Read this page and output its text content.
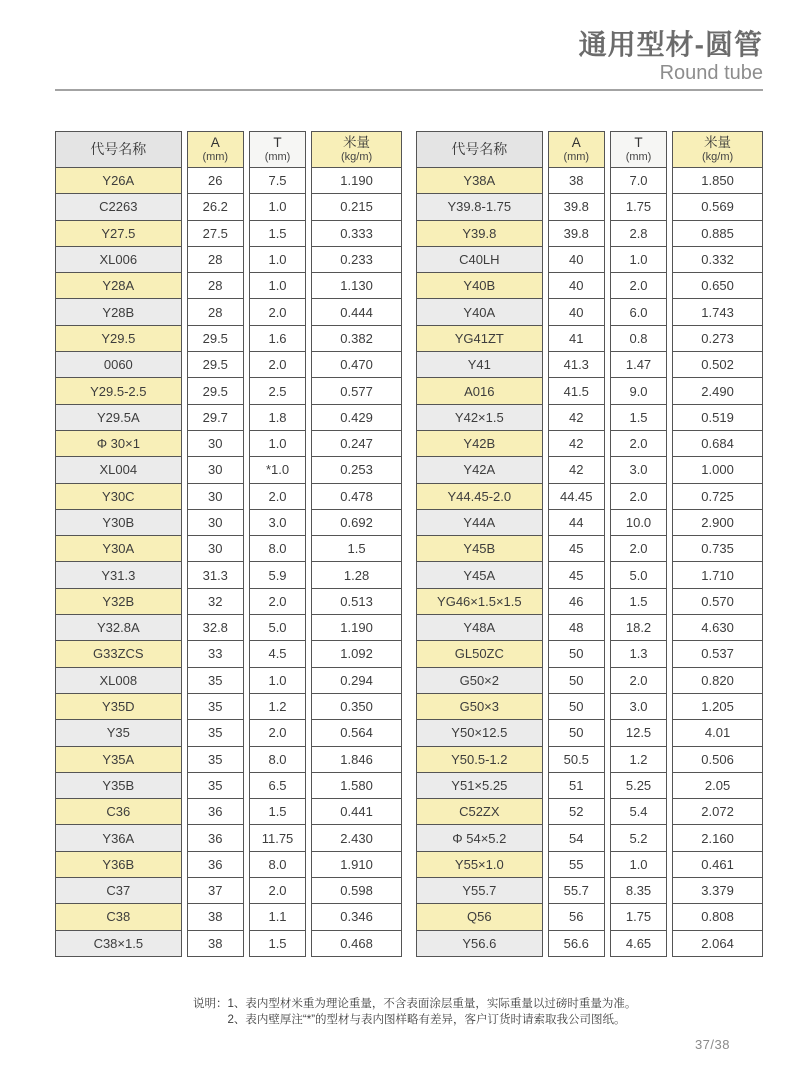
通用型材-圆管
Round tube
代号名称
Y26A
C2263
Y27.5
XL006
Y28A
Y28B
Y29.5
0060
Y29.5-2.5
Y29.5A
Φ 30×1
XL004
Y30C
Y30B
Y30A
Y31.3
Y32B
Y32.8A
G33ZCS
XL008
Y35D
Y35
Y35A
Y35B
C36
Y36A
Y36B
C37
C38
C38×1.5
A
(mm)
26
26.2
27.5
28
28
28
29.5
29.5
29.5
29.7
30
30
30
30
30
31.3
32
32.8
33
35
35
35
35
35
36
36
36
37
38
38
T
(mm)
7.5
1.0
1.5
1.0
1.0
2.0
1.6
2.0
2.5
1.8
1.0
*1.0
2.0
3.0
8.0
5.9
2.0
5.0
4.5
1.0
1.2
2.0
8.0
6.5
1.5
11.75
8.0
2.0
1.1
1.5
米量
(kg/m)
1.190
0.215
0.333
0.233
1.130
0.444
0.382
0.470
0.577
0.429
0.247
0.253
0.478
0.692
1.5
1.28
0.513
1.190
1.092
0.294
0.350
0.564
1.846
1.580
0.441
2.430
1.910
0.598
0.346
0.468
代号名称
Y38A
Y39.8-1.75
Y39.8
C40LH
Y40B
Y40A
YG41ZT
Y41
A016
Y42×1.5
Y42B
Y42A
Y44.45-2.0
Y44A
Y45B
Y45A
YG46×1.5×1.5
Y48A
GL50ZC
G50×2
G50×3
Y50×12.5
Y50.5-1.2
Y51×5.25
C52ZX
Φ 54×5.2
Y55×1.0
Y55.7
Q56
Y56.6
A
(mm)
38
39.8
39.8
40
40
40
41
41.3
41.5
42
42
42
44.45
44
45
45
46
48
50
50
50
50
50.5
51
52
54
55
55.7
56
56.6
T
(mm)
7.0
1.75
2.8
1.0
2.0
6.0
0.8
1.47
9.0
1.5
2.0
3.0
2.0
10.0
2.0
5.0
1.5
18.2
1.3
2.0
3.0
12.5
1.2
5.25
5.4
5.2
1.0
8.35
1.75
4.65
米量
(kg/m)
1.850
0.569
0.885
0.332
0.650
1.743
0.273
0.502
2.490
0.519
0.684
1.000
0.725
2.900
0.735
1.710
0.570
4.630
0.537
0.820
1.205
4.01
0.506
2.05
2.072
2.160
0.461
3.379
0.808
2.064
说明： 1、表内型材米重为理论重量，不含表面涂层重量，实际重量以过磅时重量为准。
2、表内壁厚注“*”的型材与表内图样略有差异，客户订货时请索取我公司图纸。
37/38
